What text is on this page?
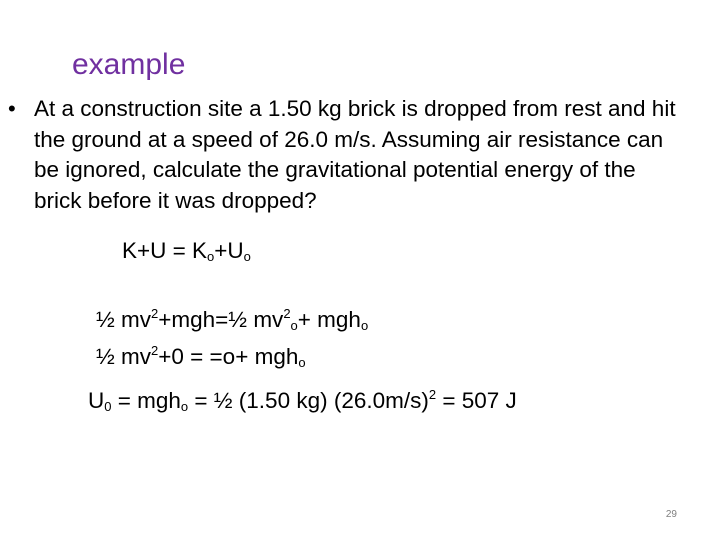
example
• At a construction site a 1.50 kg brick is dropped from rest and hit the ground at a speed of 26.0 m/s. Assuming air resistance can be ignored, calculate the gravitational potential energy of the brick before it was dropped?
$K+U = K_o+U_o$
½ $mv^2+mgh=\frac{1}{2}$ $mv^2_o+ mgh_o$
½ $mv^2+0 = =o+ mgh_o$
$U_0 = mgh_o$ = ½ (1.50 kg) $(26.0m/s)^2 = 507$ J
29
